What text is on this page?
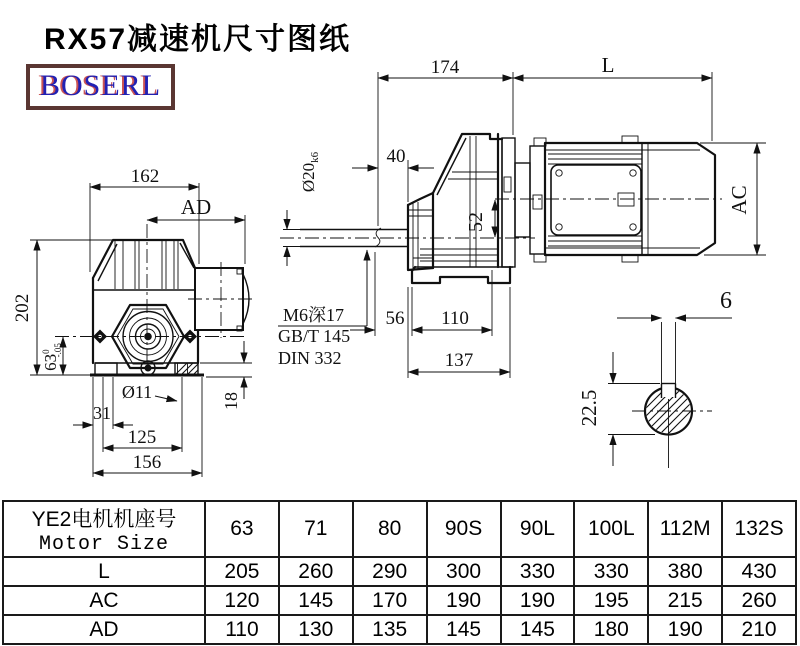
RX57减速机尺寸图纸
BOSERL
162
AD
202
$63^0$ -.05
Ø11
31
125
156
18
174	L
40
$Ø20_{k6}$
52
M6深17
GB/T 145
DIN 332
56 110
137
AC
6
22.5
YE2电机机座号
Motor Size	63	71	80	90S	90L	100L	112M	132S
L	205	260	290	300	330	330	380	430
AC	120	145	170	190	190	195	215	260
AD	110	130	135	145	145	180	190	210
